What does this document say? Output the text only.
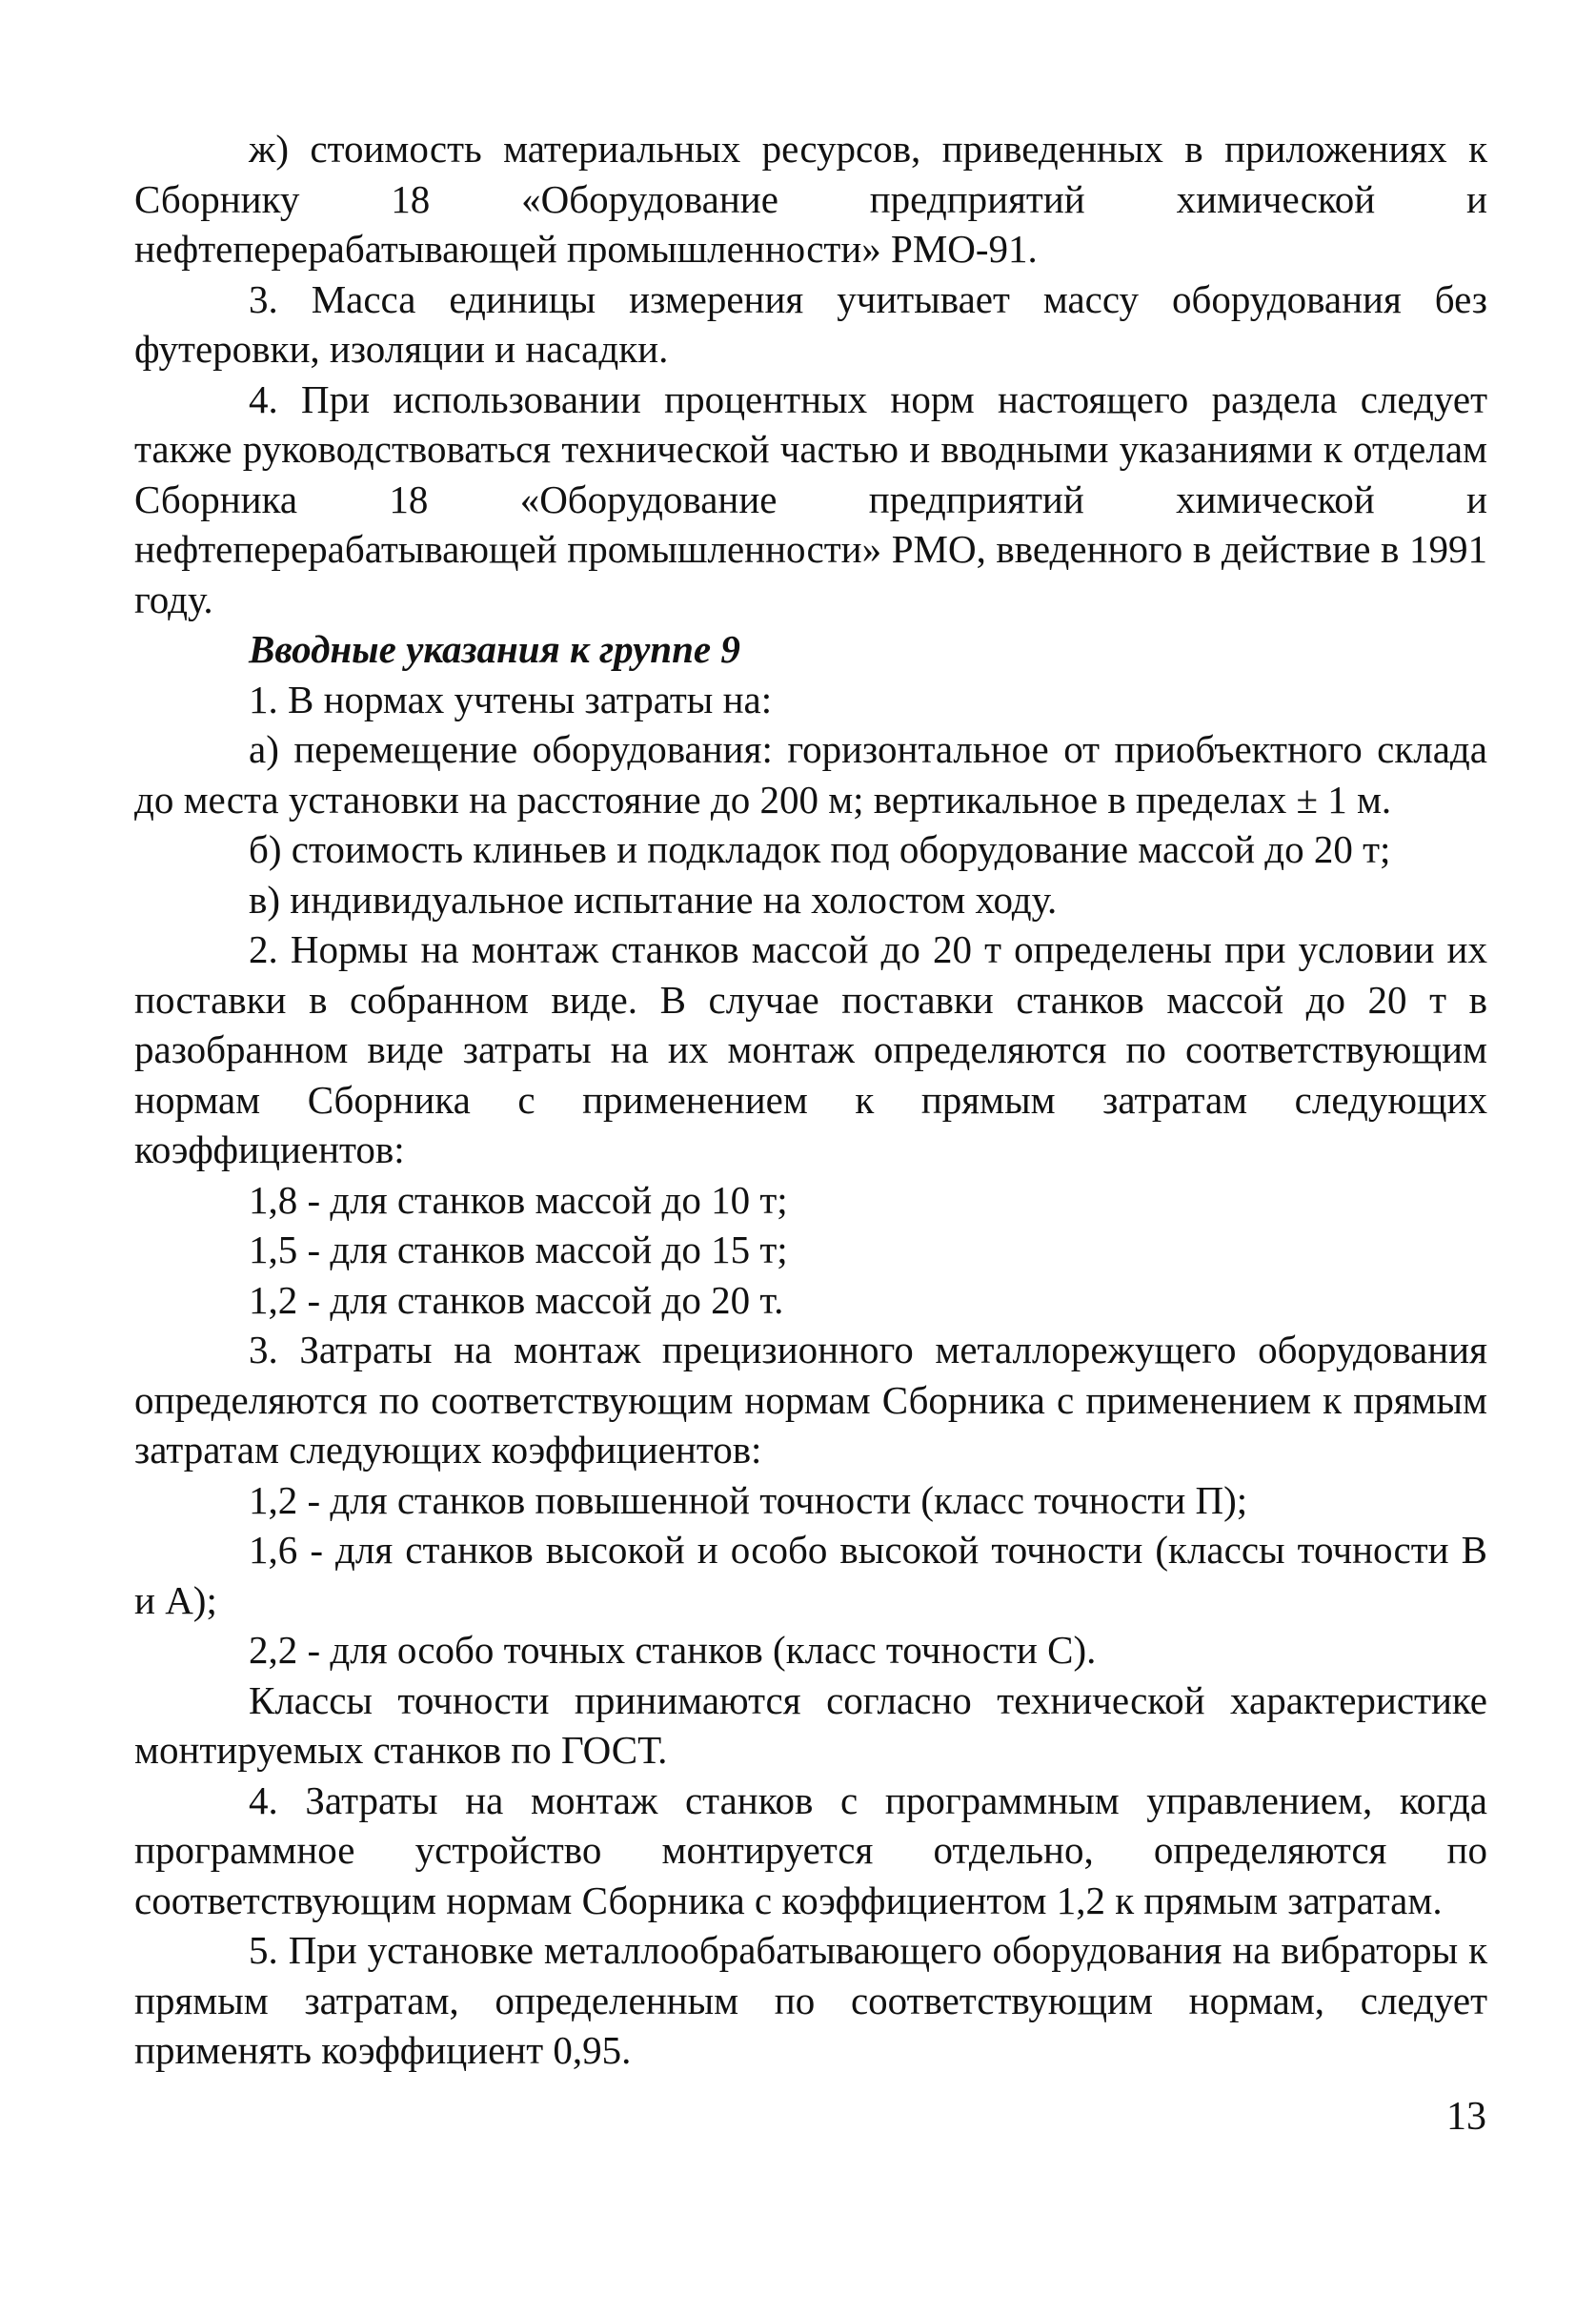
ж) стоимость материальных ресурсов, приведенных в приложениях к Сборнику 18 «Оборудование предприятий химической и нефтеперерабатывающей промышленности» РМО-91.

3. Масса единицы измерения учитывает массу оборудования без футеровки, изоляции и насадки.

4. При использовании процентных норм настоящего раздела следует также руководствоваться технической частью и вводными указаниями к отделам Сборника 18 «Оборудование предприятий химической и нефтеперерабатывающей промышленности» РМО, введенного в действие в 1991 году.

Вводные указания к группе 9

1. В нормах учтены затраты на:

а) перемещение оборудования: горизонтальное от приобъектного склада до места установки на расстояние до 200 м; вертикальное в пределах ± 1 м.

б) стоимость клиньев и подкладок под оборудование массой до 20 т;

в) индивидуальное испытание на холостом ходу.

2. Нормы на монтаж станков массой до 20 т определены при условии их поставки в собранном виде. В случае поставки станков массой до 20 т в разобранном виде затраты на их монтаж определяются по соответствующим нормам Сборника с применением к прямым затратам следующих коэффициентов:

1,8 - для станков массой до 10 т;

1,5 - для станков массой до 15 т;

1,2 - для станков массой до 20 т.

3. Затраты на монтаж прецизионного металлорежущего оборудования определяются по соответствующим нормам Сборника с применением к прямым затратам следующих коэффициентов:

1,2 - для станков повышенной точности (класс точности П);

1,6 - для станков высокой и особо высокой точности (классы точности В и А);

2,2 - для особо точных станков (класс точности С).

Классы точности принимаются согласно технической характеристике монтируемых станков по ГОСТ.

4. Затраты на монтаж станков с программным управлением, когда программное устройство монтируется отдельно, определяются по соответствующим нормам Сборника с коэффициентом 1,2 к прямым затратам.

5. При установке металлообрабатывающего оборудования на вибраторы к прямым затратам, определенным по соответствующим нормам, следует применять коэффициент 0,95.

13
